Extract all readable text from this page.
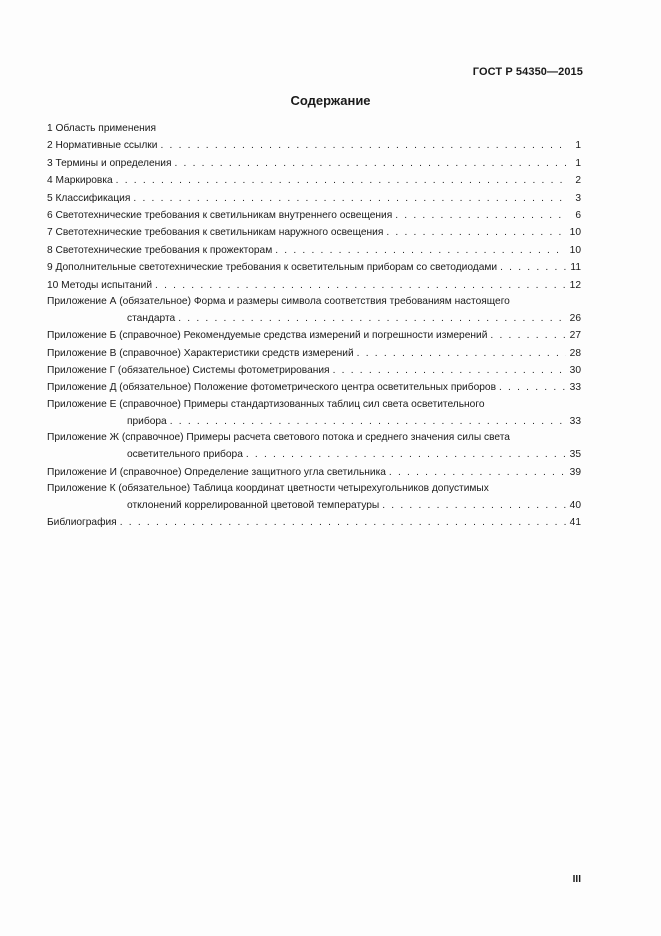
ГОСТ Р 54350—2015
Содержание
1 Область применения
2 Нормативные ссылки . . .	1
3 Термины и определения . . .	1
4 Маркировка . . .	2
5 Классификация . . .	3
6 Светотехнические требования к светильникам внутреннего освещения . . .	6
7 Светотехнические требования к светильникам наружного освещения . . .	10
8 Светотехнические требования к прожекторам . . .	10
9 Дополнительные светотехнические требования к осветительным приборам со светодиодами . . .	11
10 Методы испытаний . . .	12
Приложение А (обязательное) Форма и размеры символа соответствия требованиям настоящего
стандарта . . .	26
Приложение Б (справочное) Рекомендуемые средства измерений и погрешности измерений . . .	27
Приложение В (справочное) Характеристики средств измерений . . .	28
Приложение Г (обязательное) Системы фотометрирования . . .	30
Приложение Д (обязательное) Положение фотометрического центра осветительных приборов . . .	33
Приложение Е (справочное) Примеры стандартизованных таблиц сил света осветительного
прибора . . .	33
Приложение Ж (справочное) Примеры расчета светового потока и среднего значения силы света
осветительного прибора . . .	35
Приложение И (справочное) Определение защитного угла светильника . . .	39
Приложение К (обязательное) Таблица координат цветности четырехугольников допустимых
отклонений коррелированной цветовой температуры . . .	40
Библиография . . .	41
III
